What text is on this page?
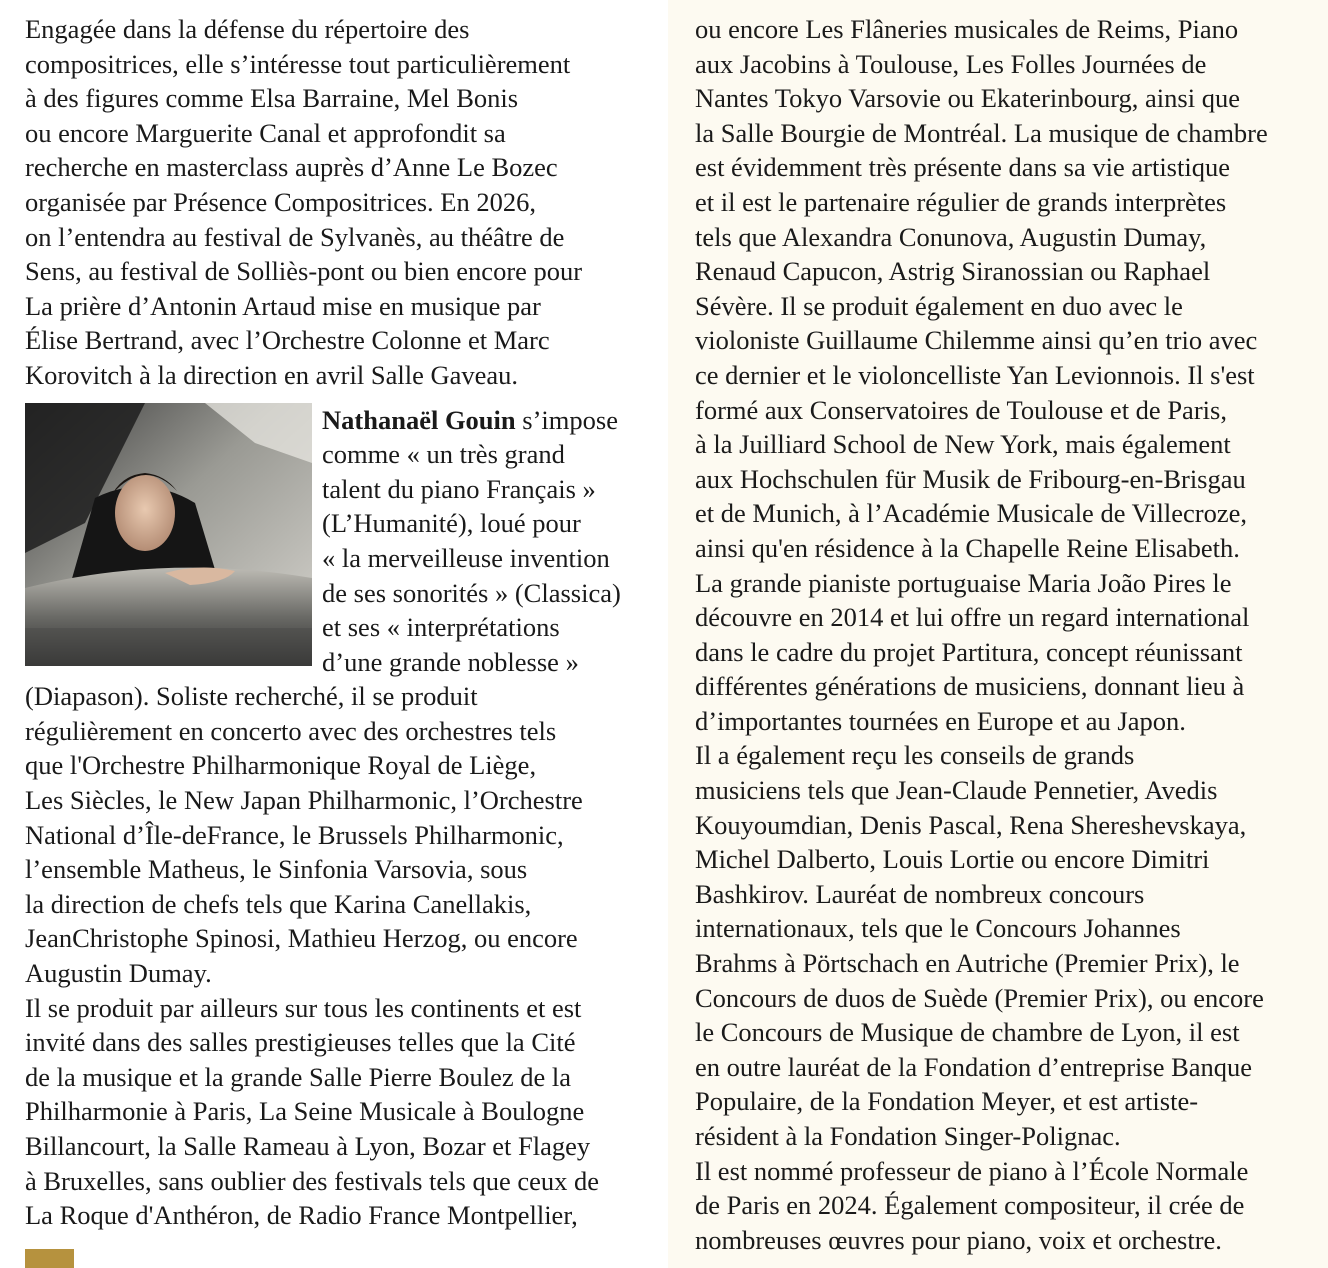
Engagée dans la défense du répertoire des
compositrices, elle s’intéresse tout particulièrement
à des figures comme Elsa Barraine, Mel Bonis
ou encore Marguerite Canal et approfondit sa
recherche en masterclass auprès d’Anne Le Bozec
organisée par Présence Compositrices. En 2026,
on l’entendra au festival de Sylvanès, au théâtre de
Sens, au festival de Solliès-pont ou bien encore pour
La prière d’Antonin Artaud mise en musique par
Élise Bertrand, avec l’Orchestre Colonne et Marc
Korovitch à la direction en avril Salle Gaveau.
Nathanaël Gouin s’impose
comme « un très grand
talent du piano Français »
(L’Humanité), loué pour
« la merveilleuse invention
de ses sonorités » (Classica)
et ses « interprétations
d’une grande noblesse »
(Diapason). Soliste recherché, il se produit
régulièrement en concerto avec des orchestres tels
que l'Orchestre Philharmonique Royal de Liège,
Les Siècles, le New Japan Philharmonic, l’Orchestre
National d’Île-deFrance, le Brussels Philharmonic,
l’ensemble Matheus, le Sinfonia Varsovia, sous
la direction de chefs tels que Karina Canellakis,
JeanChristophe Spinosi, Mathieu Herzog, ou encore
Augustin Dumay.
Il se produit par ailleurs sur tous les continents et est
invité dans des salles prestigieuses telles que la Cité
de la musique et la grande Salle Pierre Boulez de la
Philharmonie à Paris, La Seine Musicale à Boulogne
Billancourt, la Salle Rameau à Lyon, Bozar et Flagey
à Bruxelles, sans oublier des festivals tels que ceux de
La Roque d'Anthéron, de Radio France Montpellier,
ou encore Les Flâneries musicales de Reims, Piano
aux Jacobins à Toulouse, Les Folles Journées de
Nantes Tokyo Varsovie ou Ekaterinbourg, ainsi que
la Salle Bourgie de Montréal. La musique de chambre
est évidemment très présente dans sa vie artistique
et il est le partenaire régulier de grands interprètes
tels que Alexandra Conunova, Augustin Dumay,
Renaud Capucon, Astrig Siranossian ou Raphael
Sévère. Il se produit également en duo avec le
violoniste Guillaume Chilemme ainsi qu’en trio avec
ce dernier et le violoncelliste Yan Levionnois. Il s'est
formé aux Conservatoires de Toulouse et de Paris,
à la Juilliard School de New York, mais également
aux Hochschulen für Musik de Fribourg-en-Brisgau
et de Munich, à l’Académie Musicale de Villecroze,
ainsi qu'en résidence à la Chapelle Reine Elisabeth.
La grande pianiste portuguaise Maria João Pires le
découvre en 2014 et lui offre un regard international
dans le cadre du projet Partitura, concept réunissant
différentes générations de musiciens, donnant lieu à
d’importantes tournées en Europe et au Japon.
Il a également reçu les conseils de grands
musiciens tels que Jean-Claude Pennetier, Avedis
Kouyoumdian, Denis Pascal, Rena Shereshevskaya,
Michel Dalberto, Louis Lortie ou encore Dimitri
Bashkirov. Lauréat de nombreux concours
internationaux, tels que le Concours Johannes
Brahms à Pörtschach en Autriche (Premier Prix), le
Concours de duos de Suède (Premier Prix), ou encore
le Concours de Musique de chambre de Lyon, il est
en outre lauréat de la Fondation d’entreprise Banque
Populaire, de la Fondation Meyer, et est artiste-
résident à la Fondation Singer-Polignac.
Il est nommé professeur de piano à l’École Normale
de Paris en 2024. Également compositeur, il crée de
nombreuses œuvres pour piano, voix et orchestre.
